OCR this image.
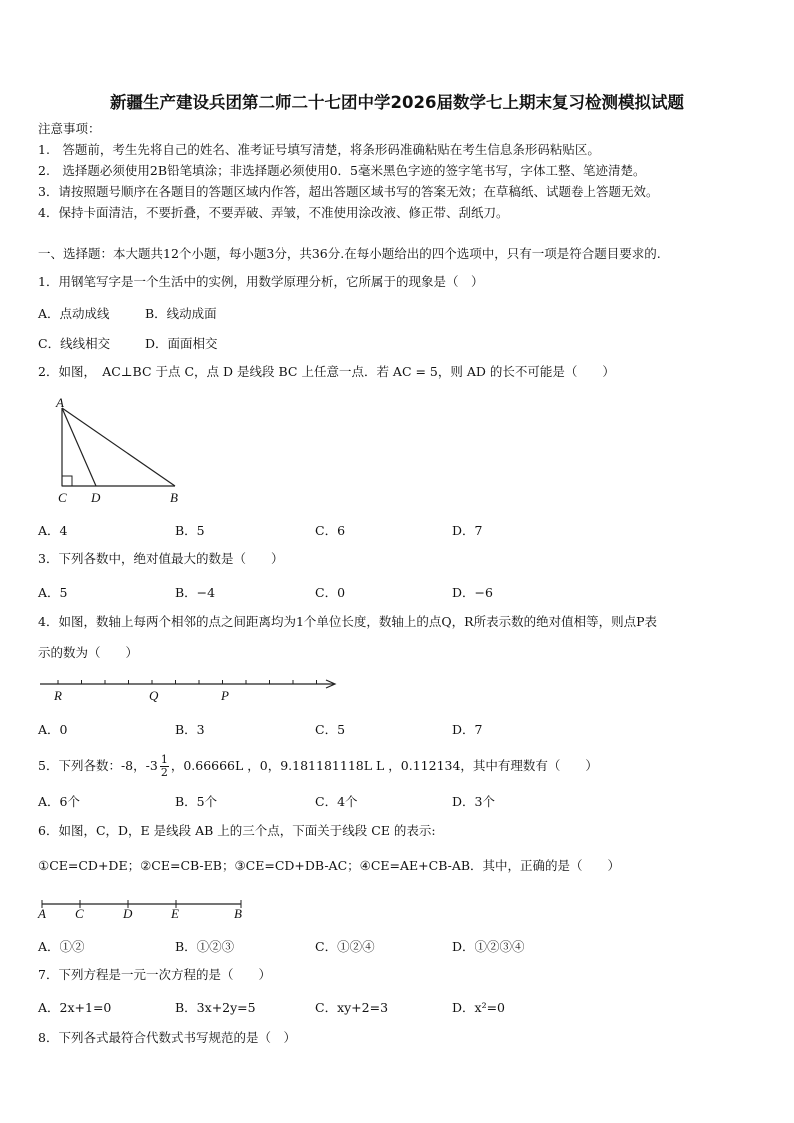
新疆生产建设兵团第二师二十七团中学2026届数学七上期末复习检测模拟试题
注意事项：
1.　答题前，考生先将自己的姓名、准考证号填写清楚，将条形码准确粘贴在考生信息条形码粘贴区。
2.　选择题必须使用2B铅笔填涂；非选择题必须使用0．5毫米黑色字迹的签字笔书写，字体工整、笔迹清楚。
3．请按照题号顺序在各题目的答题区域内作答，超出答题区域书写的答案无效；在草稿纸、试题卷上答题无效。
4．保持卡面清洁，不要折叠，不要弄破、弄皱，不准使用涂改液、修正带、刮纸刀。
一、选择题：本大题共12个小题，每小题3分，共36分.在每小题给出的四个选项中，只有一项是符合题目要求的.
1．用钢笔写字是一个生活中的实例，用数学原理分析，它所属于的现象是（　）
A．点动成线	B．线动成面
C．线线相交	D．面面相交
2．如图，　AC⊥BC 于点 C，点 D 是线段 BC 上任意一点．若 AC = 5，则 AD 的长不可能是（　　）
A
C D	B
A．4	B．5	C．6	D．7
3．下列各数中，绝对值最大的数是（　　）
A．5	B．−4	C．0	D．−6
4．如图，数轴上每两个相邻的点之间距离均为1个单位长度，数轴上的点Q，R所表示数的绝对值相等，则点P表
示的数为（　　）
R	Q	P
A．0	B．3	C．5	D．7
5．下列各数：-8，$-3 \frac{1}{2}$ ，0.66666L ，0，9.181181118L L ，0.112134，其中有理数有（　　）
A．6个	B．5个	C．4个	D．3个
6．如图，C，D，E 是线段 AB 上的三个点，下面关于线段 CE 的表示:
①CE=CD+DE；②CE=CB-EB；③CE=CD+DB-AC；④CE=AE+CB-AB．其中，正确的是（　　）
A C	D	E	B
A．①②	B．①②③	C．①②④	D．①②③④
7．下列方程是一元一次方程的是（　　）
A．2x+1=0	B．3x+2y=5	C．xy+2=3	D．x²=0
8．下列各式最符合代数式书写规范的是（　）
